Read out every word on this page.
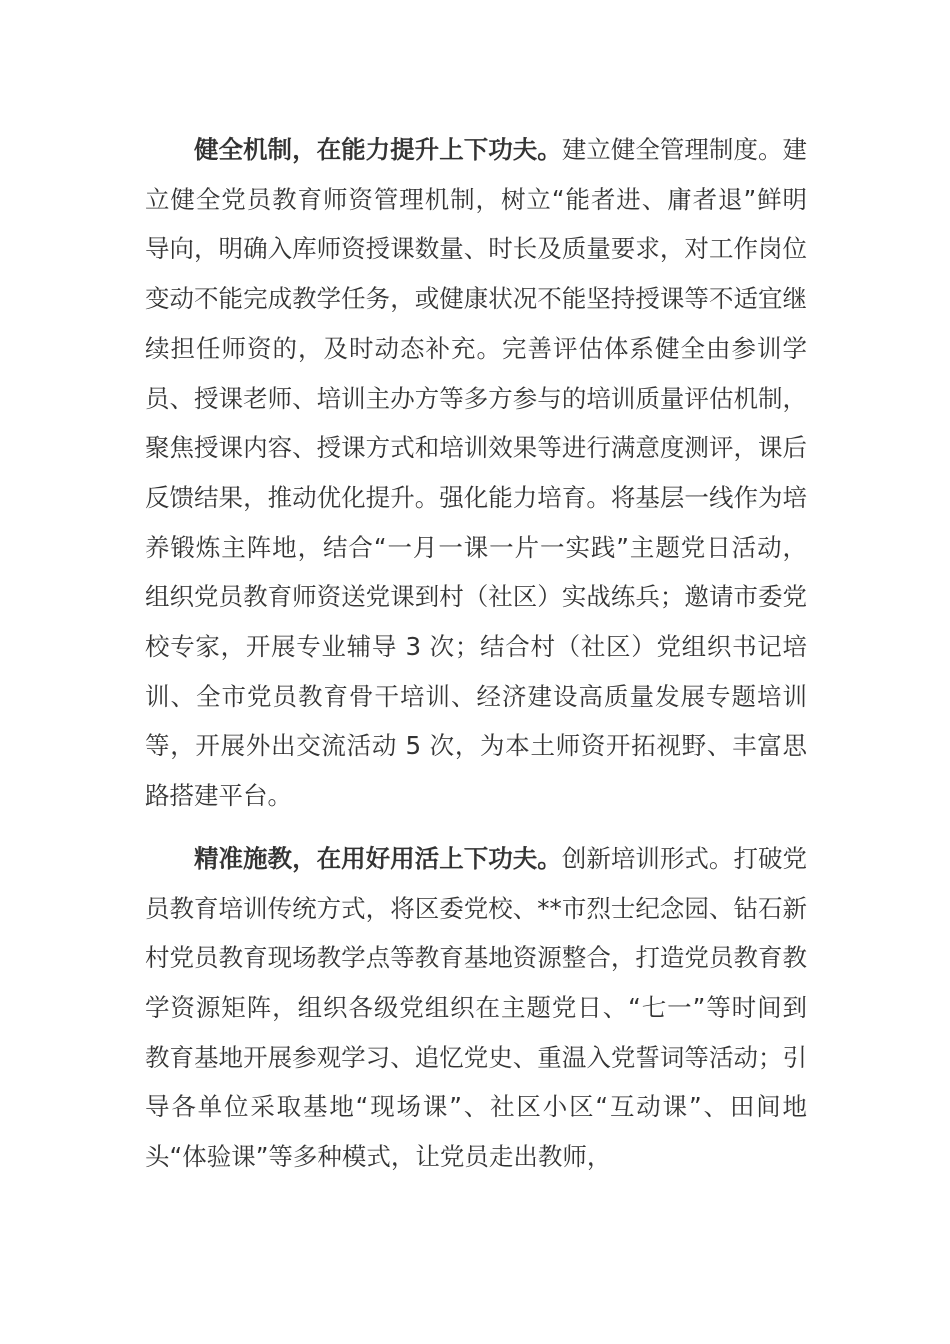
健全机制，在能力提升上下功夫。建立健全管理制度。建立健全党员教育师资管理机制，树立“能者进、庸者退”鲜明导向，明确入库师资授课数量、时长及质量要求，对工作岗位变动不能完成教学任务，或健康状况不能坚持授课等不适宜继续担任师资的，及时动态补充。完善评估体系健全由参训学员、授课老师、培训主办方等多方参与的培训质量评估机制，聚焦授课内容、授课方式和培训效果等进行满意度测评，课后反馈结果，推动优化提升。强化能力培育。将基层一线作为培养锻炼主阵地，结合“一月一课一片一实践”主题党日活动，组织党员教育师资送党课到村（社区）实战练兵；邀请市委党校专家，开展专业辅导 3 次；结合村（社区）党组织书记培训、全市党员教育骨干培训、经济建设高质量发展专题培训等，开展外出交流活动 5 次，为本土师资开拓视野、丰富思路搭建平台。

精准施教，在用好用活上下功夫。创新培训形式。打破党员教育培训传统方式，将区委党校、**市烈士纪念园、钻石新村党员教育现场教学点等教育基地资源整合，打造党员教育教学资源矩阵，组织各级党组织在主题党日、“七一”等时间到教育基地开展参观学习、追忆党史、重温入党誓词等活动；引导各单位采取基地“现场课”、社区小区“互动课”、田间地头“体验课”等多种模式，让党员走出教师，
